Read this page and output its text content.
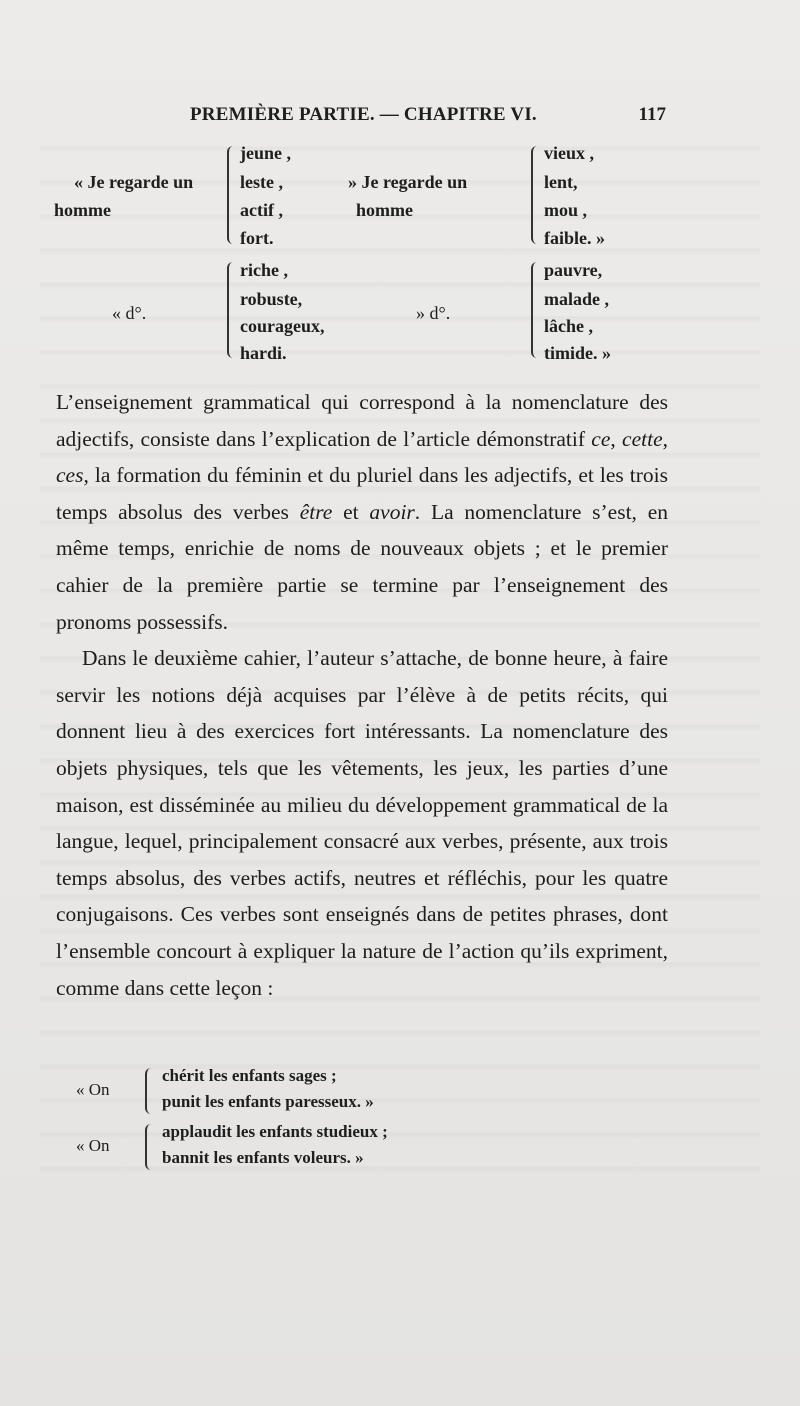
PREMIÈRE PARTIE. — CHAPITRE VI.	117
« Je regarde un
homme
jeune ,
leste ,
actif ,
fort.
» Je regarde un
homme
vieux ,
lent,
mou ,
faible. »
« d°.
riche ,
robuste,
courageux,
hardi.
» d°.
pauvre,
malade ,
lâche ,
timide. »

L’enseignement grammatical qui correspond à la nomenclature des adjectifs, consiste dans l’explication de l’article démonstratif ce, cette, ces, la formation du féminin et du pluriel dans les adjectifs, et les trois temps absolus des verbes être et avoir. La nomenclature s’est, en même temps, enrichie de noms de nouveaux objets ; et le premier cahier de la première partie se termine par l’enseignement des pronoms possessifs.

Dans le deuxième cahier, l’auteur s’attache, de bonne heure, à faire servir les notions déjà acquises par l’élève à de petits récits, qui donnent lieu à des exercices fort intéressants. La nomenclature des objets physiques, tels que les vêtements, les jeux, les parties d’une maison, est disséminée au milieu du développement grammatical de la langue, lequel, principalement consacré aux verbes, présente, aux trois temps absolus, des verbes actifs, neutres et réfléchis, pour les quatre conjugaisons. Ces verbes sont enseignés dans de petites phrases, dont l’ensemble concourt à expliquer la nature de l’action qu’ils expriment, comme dans cette leçon :

« On
chérit les enfants sages ;
punit les enfants paresseux. »
« On
applaudit les enfants studieux ;
bannit les enfants voleurs. »
